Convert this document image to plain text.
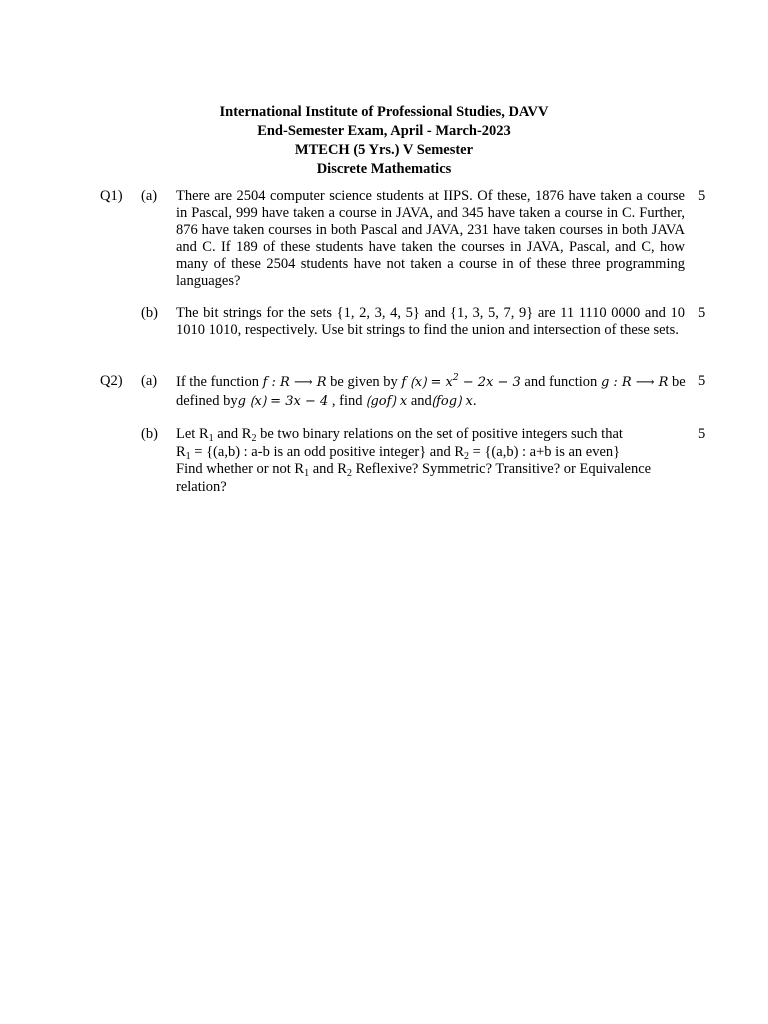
International Institute of Professional Studies, DAVV
End-Semester Exam, April - March-2023
MTECH (5 Yrs.) V Semester
Discrete Mathematics
Q1) (a) There are 2504 computer science students at IIPS. Of these, 1876 have taken a course in Pascal, 999 have taken a course in JAVA, and 345 have taken a course in C. Further, 876 have taken courses in both Pascal and JAVA, 231 have taken courses in both JAVA and C. If 189 of these students have taken the courses in JAVA, Pascal, and C, how many of these 2504 students have not taken a course in of these three programming languages?
5
(b) The bit strings for the sets {1, 2, 3, 4, 5} and {1, 3, 5, 7, 9} are 11 1110 0000 and 10 1010 1010, respectively. Use bit strings to find the union and intersection of these sets.
5
Q2) (a) If the function f : R ⟶ R be given by f ⟮x⟯ = $x^2 - 2x - 3$ and function g : R ⟶ R be
defined byg ⟮x⟯ = 3x − 4 , find ⟮gof⟯ x and⟮fog⟯ x.
5
(b) Let $R_1$ and $R_2$ be two binary relations on the set of positive integers such that
$R_1 = \{(a,b)$ : a-b is an odd positive integer} and $R_2 = \{(a,b)$ : a+b is an even}
Find whether or not $R_1$ and $R_2$ Reflexive? Symmetric? Transitive? or Equivalence
relation?
5
